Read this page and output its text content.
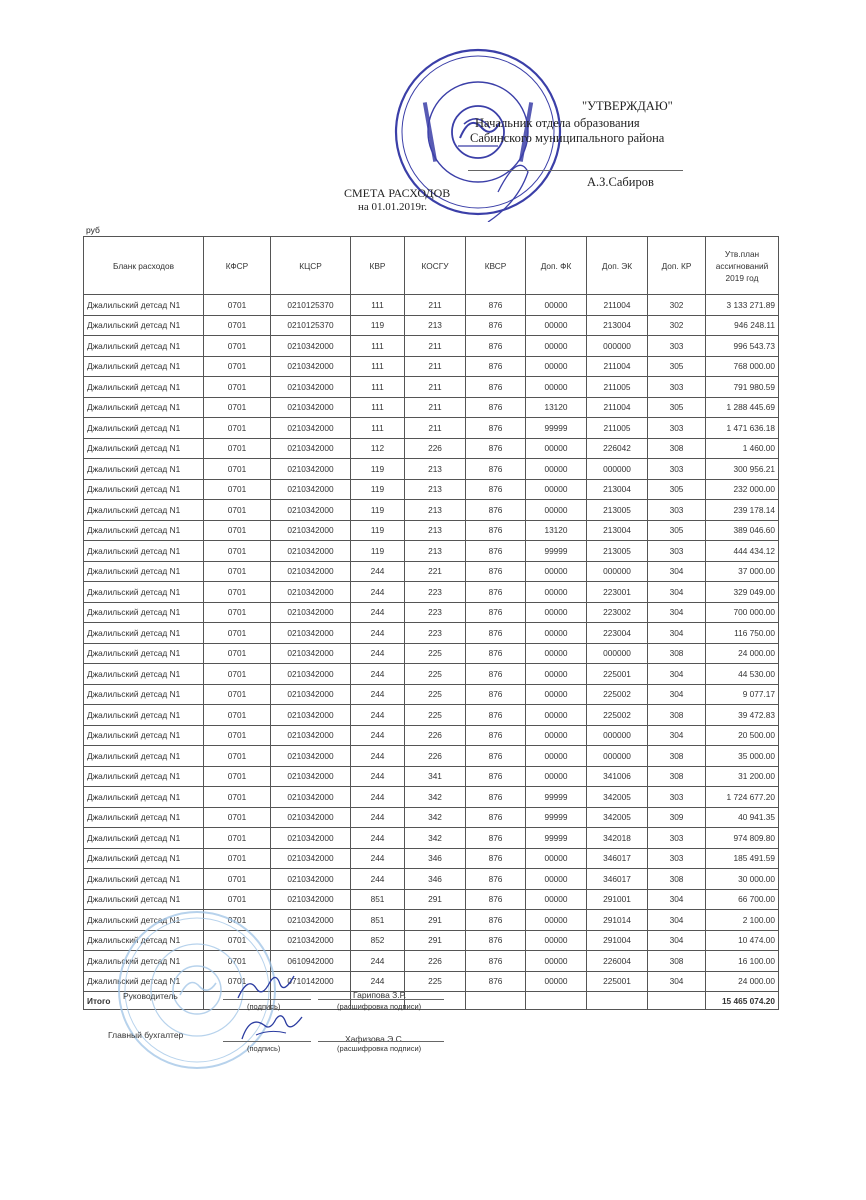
"УТВЕРЖДАЮ"
Начальник отдела образования
Сабинского муниципального района
А.З.Сабиров
СМЕТА РАСХОДОВ
на 01.01.2019г.
руб
Бланк расходов	КФСР	КЦСР	КВР	КОСГУ	КВСР	Доп. ФК	Доп. ЭК	Доп. КР	Утв.план ассигнований 2019 год
Джалильский детсад N1	0701	0210125370	111	211	876	00000	211004	302	3 133 271.89
Джалильский детсад N1	0701	0210125370	119	213	876	00000	213004	302	946 248.11
Джалильский детсад N1	0701	0210342000	111	211	876	00000	000000	303	996 543.73
Джалильский детсад N1	0701	0210342000	111	211	876	00000	211004	305	768 000.00
Джалильский детсад N1	0701	0210342000	111	211	876	00000	211005	303	791 980.59
Джалильский детсад N1	0701	0210342000	111	211	876	13120	211004	305	1 288 445.69
Джалильский детсад N1	0701	0210342000	111	211	876	99999	211005	303	1 471 636.18
Джалильский детсад N1	0701	0210342000	112	226	876	00000	226042	308	1 460.00
Джалильский детсад N1	0701	0210342000	119	213	876	00000	000000	303	300 956.21
Джалильский детсад N1	0701	0210342000	119	213	876	00000	213004	305	232 000.00
Джалильский детсад N1	0701	0210342000	119	213	876	00000	213005	303	239 178.14
Джалильский детсад N1	0701	0210342000	119	213	876	13120	213004	305	389 046.60
Джалильский детсад N1	0701	0210342000	119	213	876	99999	213005	303	444 434.12
Джалильский детсад N1	0701	0210342000	244	221	876	00000	000000	304	37 000.00
Джалильский детсад N1	0701	0210342000	244	223	876	00000	223001	304	329 049.00
Джалильский детсад N1	0701	0210342000	244	223	876	00000	223002	304	700 000.00
Джалильский детсад N1	0701	0210342000	244	223	876	00000	223004	304	116 750.00
Джалильский детсад N1	0701	0210342000	244	225	876	00000	000000	308	24 000.00
Джалильский детсад N1	0701	0210342000	244	225	876	00000	225001	304	44 530.00
Джалильский детсад N1	0701	0210342000	244	225	876	00000	225002	304	9 077.17
Джалильский детсад N1	0701	0210342000	244	225	876	00000	225002	308	39 472.83
Джалильский детсад N1	0701	0210342000	244	226	876	00000	000000	304	20 500.00
Джалильский детсад N1	0701	0210342000	244	226	876	00000	000000	308	35 000.00
Джалильский детсад N1	0701	0210342000	244	341	876	00000	341006	308	31 200.00
Джалильский детсад N1	0701	0210342000	244	342	876	99999	342005	303	1 724 677.20
Джалильский детсад N1	0701	0210342000	244	342	876	99999	342005	309	40 941.35
Джалильский детсад N1	0701	0210342000	244	342	876	99999	342018	303	974 809.80
Джалильский детсад N1	0701	0210342000	244	346	876	00000	346017	303	185 491.59
Джалильский детсад N1	0701	0210342000	244	346	876	00000	346017	308	30 000.00
Джалильский детсад N1	0701	0210342000	851	291	876	00000	291001	304	66 700.00
Джалильский детсад N1	0701	0210342000	851	291	876	00000	291014	304	2 100.00
Джалильский детсад N1	0701	0210342000	852	291	876	00000	291004	304	10 474.00
Джалильский детсад N1	0701	0610942000	244	226	876	00000	226004	308	16 100.00
Джалильский детсад N1	0701	0710142000	244	225	876	00000	225001	304	24 000.00
Итого									15 465 074.20
Руководитель
(подпись)
Гарипова З.Р.
(расшифровка подписи)
Главный бухгалтер
(подпись)
Хафизова Э.С.
(расшифровка подписи)
